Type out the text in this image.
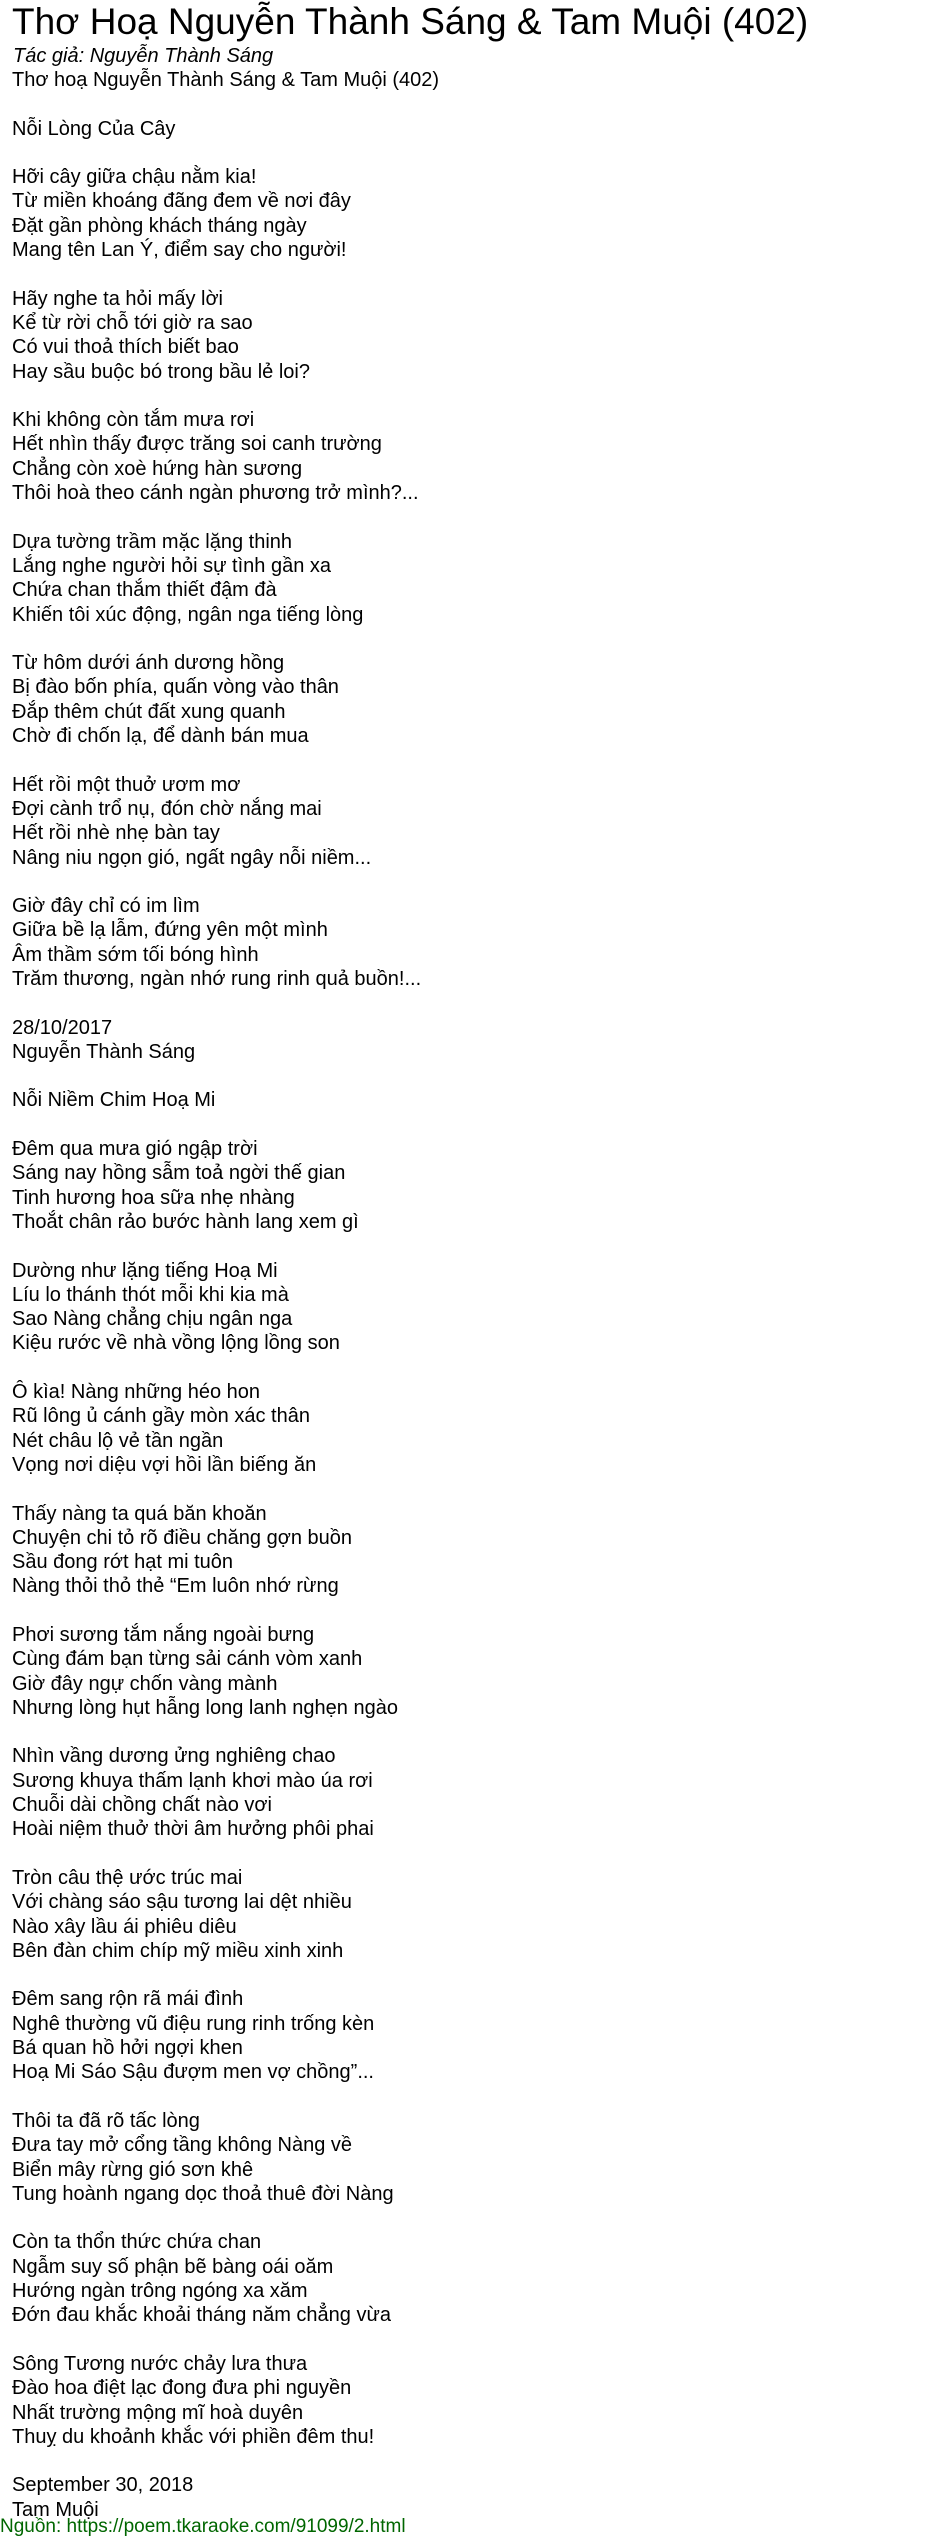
Thơ Hoạ Nguyễn Thành Sáng & Tam Muội (402)
Tác giả: Nguyễn Thành Sáng
Thơ hoạ Nguyễn Thành Sáng & Tam Muội (402)
Nỗi Lòng Của Cây
Hỡi cây giữa chậu nằm kia!
Từ miền khoáng đãng đem về nơi đây
Đặt gần phòng khách tháng ngày
Mang tên Lan Ý, điểm say cho người!
Hãy nghe ta hỏi mấy lời
Kể từ rời chỗ tới giờ ra sao
Có vui thoả thích biết bao
Hay sầu buộc bó trong bầu lẻ loi?
Khi không còn tắm mưa rơi
Hết nhìn thấy được trăng soi canh trường
Chẳng còn xoè hứng hàn sương
Thôi hoà theo cánh ngàn phương trở mình?...
Dựa tường trầm mặc lặng thinh
Lắng nghe người hỏi sự tình gần xa
Chứa chan thắm thiết đậm đà
Khiến tôi xúc động, ngân nga tiếng lòng
Từ hôm dưới ánh dương hồng
Bị đào bốn phía, quấn vòng vào thân
Đắp thêm chút đất xung quanh
Chờ đi chốn lạ, để dành bán mua
Hết rồi một thuở ươm mơ
Đợi cành trổ nụ, đón chờ nắng mai
Hết rồi nhè nhẹ bàn tay
Nâng niu ngọn gió, ngất ngây nỗi niềm...
Giờ đây chỉ có im lìm
Giữa bề lạ lẫm, đứng yên một mình
Âm thầm sớm tối bóng hình
Trăm thương, ngàn nhớ rung rinh quả buồn!...
28/10/2017
Nguyễn Thành Sáng
Nỗi Niềm Chim Hoạ Mi
Đêm qua mưa gió ngập trời
Sáng nay hồng sẫm toả ngời thế gian
Tinh hương hoa sữa nhẹ nhàng
Thoắt chân rảo bước hành lang xem gì
Dường như lặng tiếng Hoạ Mi
Líu lo thánh thót mỗi khi kia mà
Sao Nàng chẳng chịu ngân nga
Kiệu rước về nhà vồng lộng lồng son
Ô kìa! Nàng những héo hon
Rũ lông ủ cánh gầy mòn xác thân
Nét châu lộ vẻ tần ngần
Vọng nơi diệu vợi hồi lần biếng ăn
Thấy nàng ta quá băn khoăn
Chuyện chi tỏ rõ điều chăng gợn buồn
Sầu đong rớt hạt mi tuôn
Nàng thỏi thỏ thẻ “Em luôn nhớ rừng
Phơi sương tắm nắng ngoài bưng
Cùng đám bạn từng sải cánh vòm xanh
Giờ đây ngự chốn vàng mành
Nhưng lòng hụt hẫng long lanh nghẹn ngào
Nhìn vầng dương ửng nghiêng chao
Sương khuya thấm lạnh khơi mào úa rơi
Chuỗi dài chồng chất nào vơi
Hoài niệm thuở thời âm hưởng phôi phai
Tròn câu thệ ước trúc mai
Với chàng sáo sậu tương lai dệt nhiều
Nào xây lầu ái phiêu diêu
Bên đàn chim chíp mỹ miều xinh xinh
Đêm sang rộn rã mái đình
Nghê thường vũ điệu rung rinh trống kèn
Bá quan hồ hởi ngợi khen
Hoạ Mi Sáo Sậu đượm men vợ chồng”...
Thôi ta đã rõ tấc lòng
Đưa tay mở cổng tầng không Nàng về
Biển mây rừng gió sơn khê
Tung hoành ngang dọc thoả thuê đời Nàng
Còn ta thổn thức chứa chan
Ngẫm suy số phận bẽ bàng oái oăm
Hướng ngàn trông ngóng xa xăm
Đớn đau khắc khoải tháng năm chẳng vừa
Sông Tương nước chảy lưa thưa
Đào hoa điệt lạc đong đưa phi nguyền
Nhất trường mộng mĩ hoà duyên
Thuỵ du khoảnh khắc với phiền đêm thu!
September 30, 2018
Tam Muội
Nguồn: https://poem.tkaraoke.com/91099/2.html
